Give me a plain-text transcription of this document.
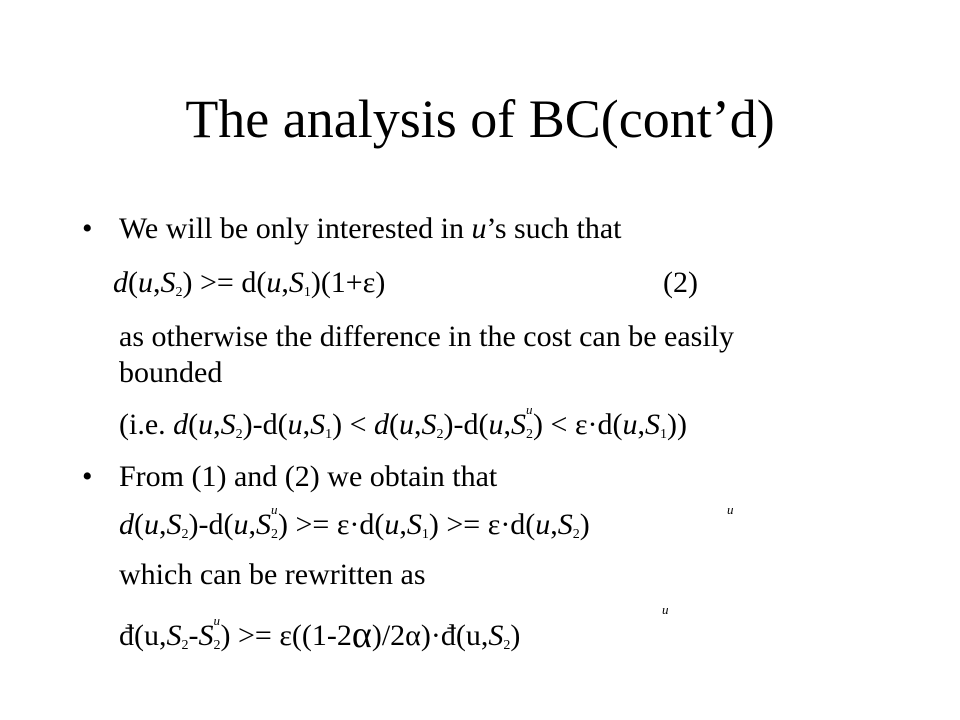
The analysis of BC(cont’d)
• We will be only interested in u’s such that
d(u,S2) >= d(u,S1)(1+ε)	(2)
as otherwise the difference in the cost can be easily
bounded
(i.e. d(u,S2)-d(u,S1) < d(u,S2)-d(u,S u
2) < ε·d(u,S1))
• From (1) and (2) we obtain that
d(u,S2)-d(u,S u
2) >= ε·d(u,S1) >= ε·d(u,S2)	u
which can be rewritten as
đ(u,S2-S u
2) >= ε((1-2α)/2α)·đ(u,S2)
u
